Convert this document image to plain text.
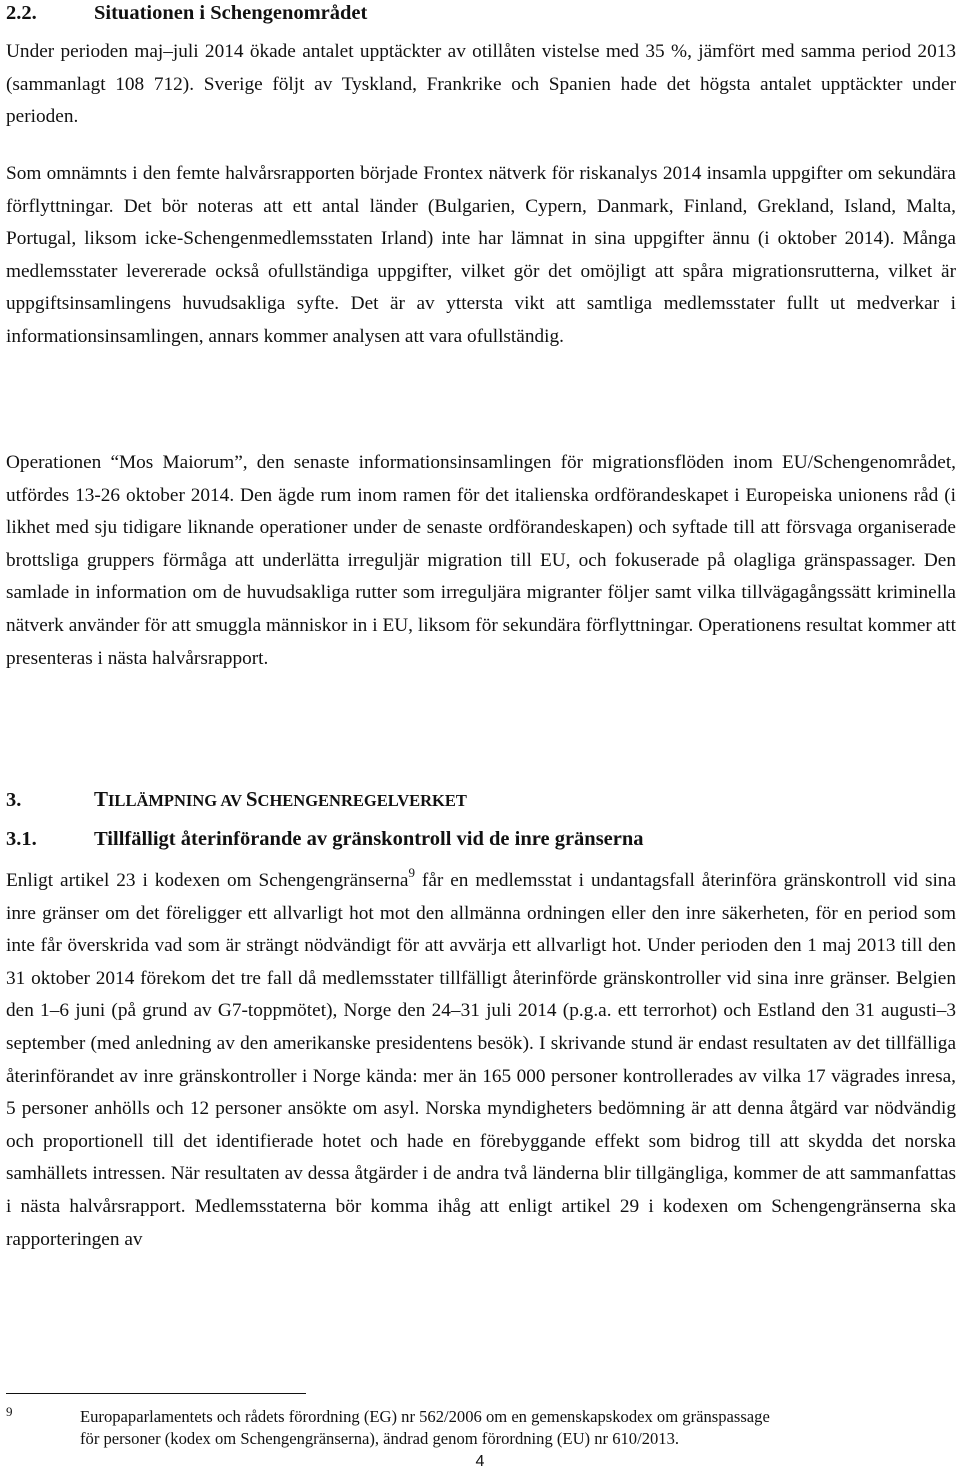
2.2.	Situationen i Schengenområdet

Under perioden maj–juli 2014 ökade antalet upptäckter av otillåten vistelse med 35 %, jämfört med samma period 2013 (sammanlagt 108 712). Sverige följt av Tyskland, Frankrike och Spanien hade det högsta antalet upptäckter under perioden.

Som omnämnts i den femte halvårsrapporten började Frontex nätverk för riskanalys 2014 insamla uppgifter om sekundära förflyttningar. Det bör noteras att ett antal länder (Bulgarien, Cypern, Danmark, Finland, Grekland, Island, Malta, Portugal, liksom icke-Schengenmedlemsstaten Irland) inte har lämnat in sina uppgifter ännu (i oktober 2014). Många medlemsstater levererade också ofullständiga uppgifter, vilket gör det omöjligt att spåra migrationsrutterna, vilket är uppgiftsinsamlingens huvudsakliga syfte. Det är av yttersta vikt att samtliga medlemsstater fullt ut medverkar i informationsinsamlingen, annars kommer analysen att vara ofullständig.

Operationen “Mos Maiorum”, den senaste informationsinsamlingen för migrationsflöden inom EU/Schengenområdet, utfördes 13-26 oktober 2014. Den ägde rum inom ramen för det italienska ordförandeskapet i Europeiska unionens råd (i likhet med sju tidigare liknande operationer under de senaste ordförandeskapen) och syftade till att försvaga organiserade brottsliga gruppers förmåga att underlätta irreguljär migration till EU, och fokuserade på olagliga gränspassager. Den samlade in information om de huvudsakliga rutter som irreguljära migranter följer samt vilka tillvägagångssätt kriminella nätverk använder för att smuggla människor in i EU, liksom för sekundära förflyttningar. Operationens resultat kommer att presenteras i nästa halvårsrapport.

3.	TILLÄMPNING AV SCHENGENREGELVERKET
3.1.	Tillfälligt återinförande av gränskontroll vid de inre gränserna

Enligt artikel 23 i kodexen om Schengengränserna$^9$ får en medlemsstat i undantagsfall återinföra gränskontroll vid sina inre gränser om det föreligger ett allvarligt hot mot den allmänna ordningen eller den inre säkerheten, för en period som inte får överskrida vad som är strängt nödvändigt för att avvärja ett allvarligt hot. Under perioden den 1 maj 2013 till den 31 oktober 2014 förekom det tre fall då medlemsstater tillfälligt återinförde gränskontroller vid sina inre gränser. Belgien den 1–6 juni (på grund av G7-toppmötet), Norge den 24–31 juli 2014 (p.g.a. ett terrorhot) och Estland den 31 augusti–3 september (med anledning av den amerikanske presidentens besök). I skrivande stund är endast resultaten av det tillfälliga återinförandet av inre gränskontroller i Norge kända: mer än 165 000 personer kontrollerades av vilka 17 vägrades inresa, 5 personer anhölls och 12 personer ansökte om asyl. Norska myndigheters bedömning är att denna åtgärd var nödvändig och proportionell till det identifierade hotet och hade en förebyggande effekt som bidrog till att skydda det norska samhällets intressen. När resultaten av dessa åtgärder i de andra två länderna blir tillgängliga, kommer de att sammanfattas i nästa halvårsrapport. Medlemsstaterna bör komma ihåg att enligt artikel 29 i kodexen om Schengengränserna ska rapporteringen av

9	Europaparlamentets och rådets förordning (EG) nr 562/2006 om en gemenskapskodex om gränspassage
för personer (kodex om Schengengränserna), ändrad genom förordning (EU) nr 610/2013.
4
